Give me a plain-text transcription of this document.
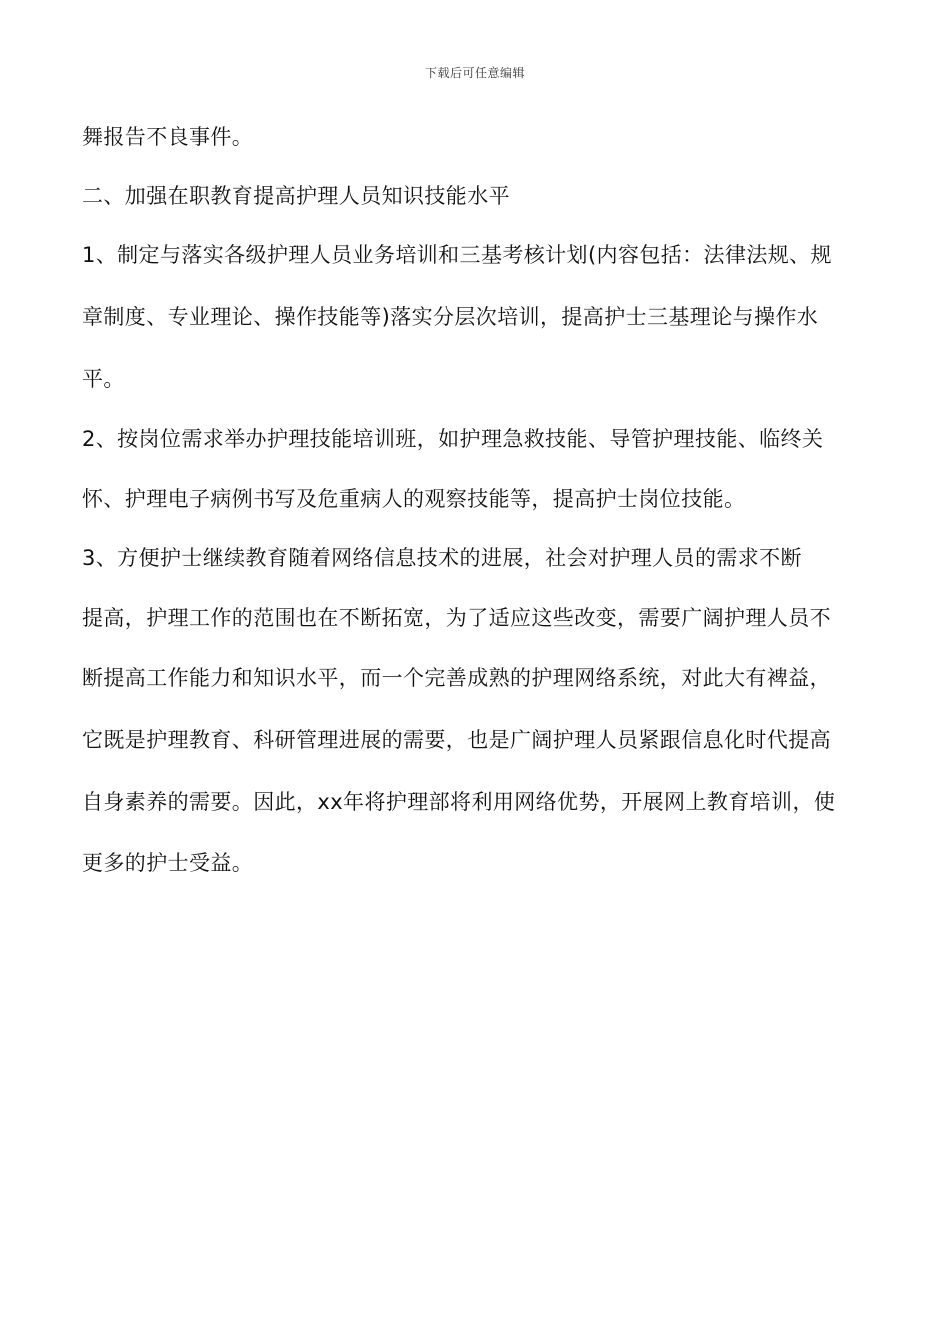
下载后可任意编辑
舞报告不良事件。
二、加强在职教育提高护理人员知识技能水平
1、制定与落实各级护理人员业务培训和三基考核计划(内容包括：法律法规、规
章制度、专业理论、操作技能等)落实分层次培训，提高护士三基理论与操作水
平。
2、按岗位需求举办护理技能培训班，如护理急救技能、导管护理技能、临终关
怀、护理电子病例书写及危重病人的观察技能等，提高护士岗位技能。
3、方便护士继续教育随着网络信息技术的进展，社会对护理人员的需求不断
提高，护理工作的范围也在不断拓宽，为了适应这些改变，需要广阔护理人员不
断提高工作能力和知识水平，而一个完善成熟的护理网络系统，对此大有裨益，
它既是护理教育、科研管理进展的需要，也是广阔护理人员紧跟信息化时代提高
自身素养的需要。因此，xx年将护理部将利用网络优势，开展网上教育培训，使
更多的护士受益。
